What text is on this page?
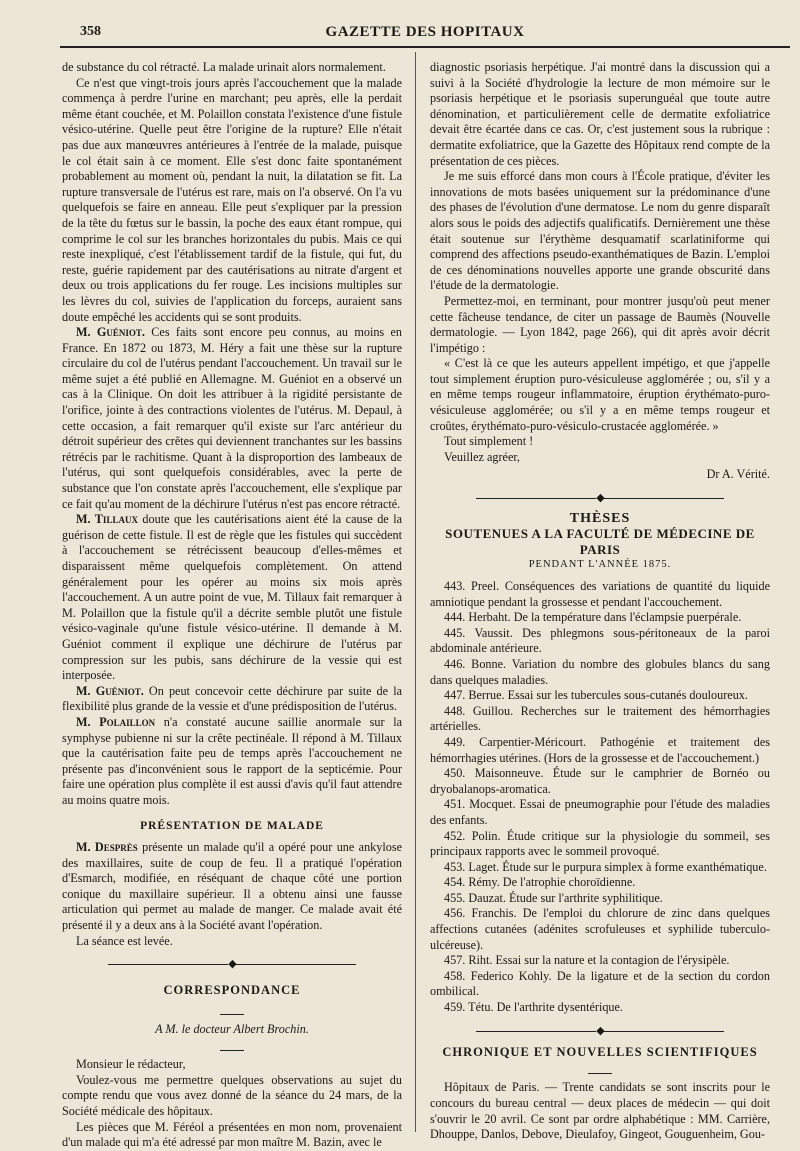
358	GAZETTE DES HOPITAUX

de substance du col rétracté. La malade urinait alors normalement.

Ce n'est que vingt-trois jours après l'accouchement que la malade commença à perdre l'urine en marchant; peu après, elle la perdait même étant couchée, et M. Polaillon constata l'existence d'une fistule vésico-utérine. Quelle peut être l'origine de la rupture? Elle n'était pas due aux manœuvres antérieures à l'entrée de la malade, puisque le col était sain à ce moment. Elle s'est donc faite spontanément probablement au moment où, pendant la nuit, la dilatation se fit. La rupture transversale de l'utérus est rare, mais on l'a observé. On l'a vu quelquefois se faire en anneau. Elle peut s'expliquer par la pression de la tête du fœtus sur le bassin, la poche des eaux étant rompue, qui comprime le col sur les branches horizontales du pubis. Mais ce qui reste inexpliqué, c'est l'établissement tardif de la fistule, qui fut, du reste, guérie rapidement par des cautérisations au nitrate d'argent et deux ou trois applications du fer rouge. Les incisions multiples sur les lèvres du col, suivies de l'application du forceps, auraient sans doute empêché les accidents qui se sont produits.

M. Guéniot. Ces faits sont encore peu connus, au moins en France. En 1872 ou 1873, M. Héry a fait une thèse sur la rupture circulaire du col de l'utérus pendant l'accouchement. Un travail sur le même sujet a été publié en Allemagne. M. Guéniot en a observé un cas à la Clinique. On doit les attribuer à la rigidité persistante de l'orifice, jointe à des contractions violentes de l'utérus. M. Depaul, à cette occasion, a fait remarquer qu'il existe sur l'arc antérieur du détroit supérieur des crêtes qui deviennent tranchantes sur les bassins rétrécis par le rachitisme. Quant à la disproportion des lambeaux de l'utérus, qui sont quelquefois considérables, avec la perte de substance que l'on constate après l'accouchement, elle s'explique par ce fait qu'au moment de la déchirure l'utérus n'est pas encore rétracté.

M. Tillaux doute que les cautérisations aient été la cause de la guérison de cette fistule. Il est de règle que les fistules qui succèdent à l'accouchement se rétrécissent beaucoup d'elles-mêmes et disparaissent même quelquefois complètement. On attend généralement pour les opérer au moins six mois après l'accouchement. A un autre point de vue, M. Tillaux fait remarquer à M. Polaillon que la fistule qu'il a décrite semble plutôt une fistule vésico-vaginale qu'une fistule vésico-utérine. Il demande à M. Guéniot comment il explique une déchirure de l'utérus par compression sur les pubis, sans déchirure de la vessie qui est interposée.

M. Guéniot. On peut concevoir cette déchirure par suite de la flexibilité plus grande de la vessie et d'une prédisposition de l'utérus.

M. Polaillon n'a constaté aucune saillie anormale sur la symphyse pubienne ni sur la crête pectinéale. Il répond à M. Tillaux que la cautérisation faite peu de temps après l'accouchement ne présente pas d'inconvénient sous le rapport de la septicémie. Pour faire une opération plus complète il est aussi d'avis qu'il faut attendre au moins quatre mois.

PRÉSENTATION DE MALADE

M. Desprès présente un malade qu'il a opéré pour une ankylose des maxillaires, suite de coup de feu. Il a pratiqué l'opération d'Esmarch, modifiée, en réséquant de chaque côté une portion conique du maxillaire supérieur. Il a obtenu ainsi une fausse articulation qui permet au malade de manger. Ce malade avait été présenté il y a deux ans à la Société avant l'opération.

La séance est levée.

◆
CORRESPONDANCE

A M. le docteur Albert Brochin.

Monsieur le rédacteur,

Voulez-vous me permettre quelques observations au sujet du compte rendu que vous avez donné de la séance du 24 mars, de la Société médicale des hôpitaux.

Les pièces que M. Féréol a présentées en mon nom, provenaient d'un malade qui m'a été adressé par mon maître M. Bazin, avec le

diagnostic psoriasis herpétique. J'ai montré dans la discussion qui a suivi à la Société d'hydrologie la lecture de mon mémoire sur le psoriasis herpétique et le psoriasis superunguéal que toute autre dénomination, et particulièrement celle de dermatite exfoliatrice devait être écartée dans ce cas. Or, c'est justement sous la rubrique : dermatite exfoliatrice, que la Gazette des Hôpitaux rend compte de la présentation de ces pièces.

Je me suis efforcé dans mon cours à l'École pratique, d'éviter les innovations de mots basées uniquement sur la prédominance d'une des phases de l'évolution d'une dermatose. Le nom du genre disparaît alors sous le poids des adjectifs qualificatifs. Dernièrement une thèse était soutenue sur l'érythème desquamatif scarlatiniforme qui comprend des affections pseudo-exanthématiques de Bazin. L'emploi de ces dénominations nouvelles apporte une grande obscurité dans l'étude de la dermatologie.

Permettez-moi, en terminant, pour montrer jusqu'où peut mener cette fâcheuse tendance, de citer un passage de Baumès (Nouvelle dermatologie. — Lyon 1842, page 266), qui dit après avoir décrit l'impétigo :

« C'est là ce que les auteurs appellent impétigo, et que j'appelle tout simplement éruption puro-vésiculeuse agglomérée ; ou, s'il y a en même temps rougeur inflammatoire, éruption érythémato-puro-vésiculeuse agglomérée; ou s'il y a en même temps rougeur et croûtes, érythémato-puro-vésiculo-crustacée agglomérée. »

Tout simplement !

Veuillez agréer,

Dr A. Vérité.
◆
THÈSES
SOUTENUES A LA FACULTÉ DE MÉDECINE DE PARIS
PENDANT L'ANNÉE 1875.

443. Preel. Conséquences des variations de quantité du liquide amniotique pendant la grossesse et pendant l'accouchement.

444. Herbaht. De la température dans l'éclampsie puerpérale.

445. Vaussit. Des phlegmons sous-péritoneaux de la paroi abdominale antérieure.

446. Bonne. Variation du nombre des globules blancs du sang dans quelques maladies.

447. Berrue. Essai sur les tubercules sous-cutanés douloureux.

448. Guillou. Recherches sur le traitement des hémorrhagies artérielles.

449. Carpentier-Méricourt. Pathogénie et traitement des hémorrhagies utérines. (Hors de la grossesse et de l'accouchement.)

450. Maisonneuve. Étude sur le camphrier de Bornéo ou dryobalanops-aromatica.

451. Mocquet. Essai de pneumographie pour l'étude des maladies des enfants.

452. Polin. Étude critique sur la physiologie du sommeil, ses principaux rapports avec le sommeil provoqué.

453. Laget. Étude sur le purpura simplex à forme exanthématique.

454. Rémy. De l'atrophie choroïdienne.

455. Dauzat. Étude sur l'arthrite syphilitique.

456. Franchis. De l'emploi du chlorure de zinc dans quelques affections cutanées (adénites scrofuleuses et syphilide tuberculo-ulcéreuse).

457. Riht. Essai sur la nature et la contagion de l'érysipèle.

458. Federico Kohly. De la ligature et de la section du cordon ombilical.

459. Tétu. De l'arthrite dysentérique.

◆
CHRONIQUE ET NOUVELLES SCIENTIFIQUES

Hôpitaux de Paris. — Trente candidats se sont inscrits pour le concours du bureau central — deux places de médecin — qui doit s'ouvrir le 20 avril. Ce sont par ordre alphabétique : MM. Carrière, Dhouppe, Danlos, Debove, Dieulafoy, Gingeot, Gouguenheim, Gou-
